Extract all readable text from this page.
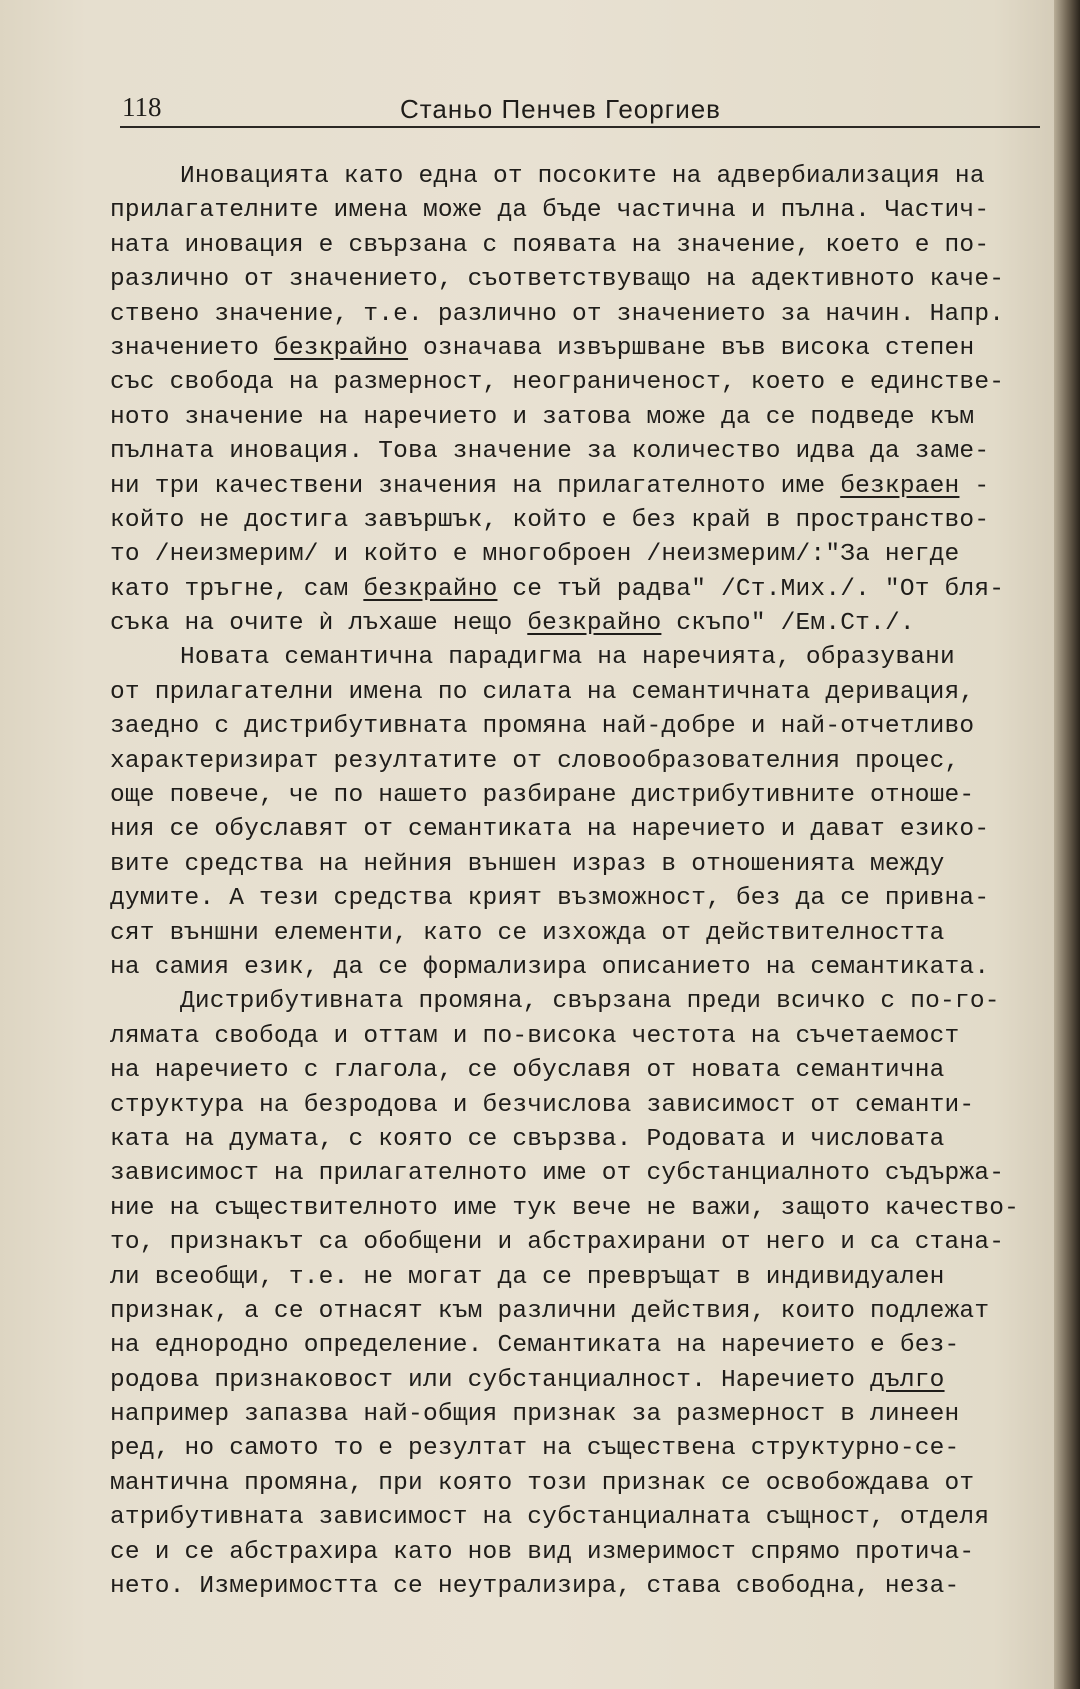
118	Станьо Пенчев Георгиев
Иновацията като една от посоките на адвербиализация на
прилагателните имена може да бъде частична и пълна. Частич-
ната иновация е свързана с появата на значение, което е по-
различно от значението, съответствуващо на адективното каче-
ствено значение, т.е. различно от значението за начин. Напр.
значението безкрайно означава извършване във висока степен
със свобода на размерност, неограниченост, което е единстве-
ното значение на наречието и затова може да се подведе към
пълната иновация. Това значение за количество идва да заме-
ни три качествени значения на прилагателното име безкраен -
който не достига завършък, който е без край в пространство-
то /неизмерим/ и който е многоброен /неизмерим/:"За негде
като тръгне, сам безкрайно се тъй радва" /Ст.Мих./. "От бля-
съка на очите ѝ лъхаше нещо безкрайно скъпо" /Ем.Ст./.
Новата семантична парадигма на наречията, образувани
от прилагателни имена по силата на семантичната деривация,
заедно с дистрибутивната промяна най-добре и най-отчетливо
характеризират резултатите от словообразователния процес,
още повече, че по нашето разбиране дистрибутивните отноше-
ния се обуславят от семантиката на наречието и дават езико-
вите средства на нейния външен израз в отношенията между
думите. А тези средства крият възможност, без да се привна-
сят външни елементи, като се изхожда от действителността
на самия език, да се формализира описанието на семантиката.
Дистрибутивната промяна, свързана преди всичко с по-го-
лямата свобода и оттам и по-висока честота на съчетаемост
на наречието с глагола, се обуславя от новата семантична
структура на безродова и безчислова зависимост от семанти-
ката на думата, с която се свързва. Родовата и числовата
зависимост на прилагателното име от субстанциалното съдържа-
ние на съществителното име тук вече не важи, защото качество-
то, признакът са обобщени и абстрахирани от него и са стана-
ли всеобщи, т.е. не могат да се превръщат в индивидуален
признак, а се отнасят към различни действия, които подлежат
на еднородно определение. Семантиката на наречието е без-
родова признаковост или субстанциалност. Наречието дълго
например запазва най-общия признак за размерност в линеен
ред, но самото то е резултат на съществена структурно-се-
мантична промяна, при която този признак се освобождава от
атрибутивната зависимост на субстанциалната същност, отделя
се и се абстрахира като нов вид измеримост спрямо протича-
нето. Измеримостта се неутрализира, става свободна, неза-
